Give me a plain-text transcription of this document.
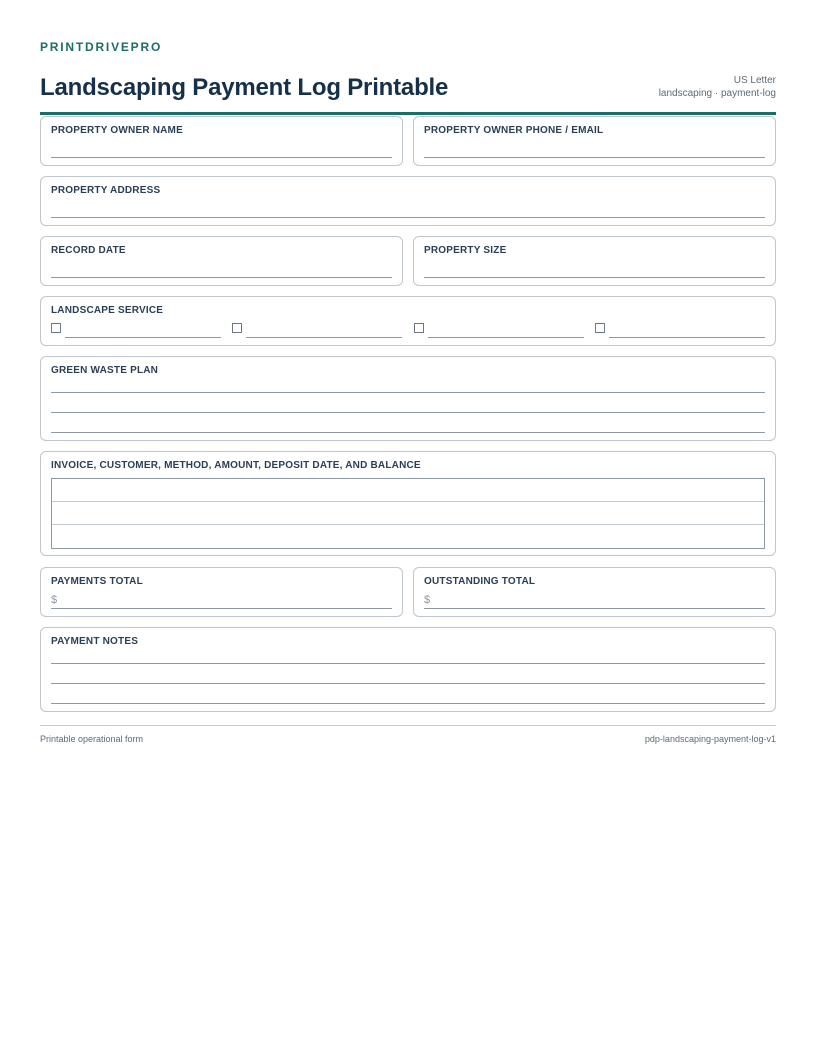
PRINTDRIVEPRO
Landscaping Payment Log Printable	US Letter
landscaping · payment-log
PROPERTY OWNER NAME	PROPERTY OWNER PHONE / EMAIL
PROPERTY ADDRESS
RECORD DATE	PROPERTY SIZE
LANDSCAPE SERVICE
GREEN WASTE PLAN
INVOICE, CUSTOMER, METHOD, AMOUNT, DEPOSIT DATE, AND BALANCE
PAYMENTS TOTAL
$
OUTSTANDING TOTAL
$
PAYMENT NOTES
Printable operational form	pdp-landscaping-payment-log-v1
